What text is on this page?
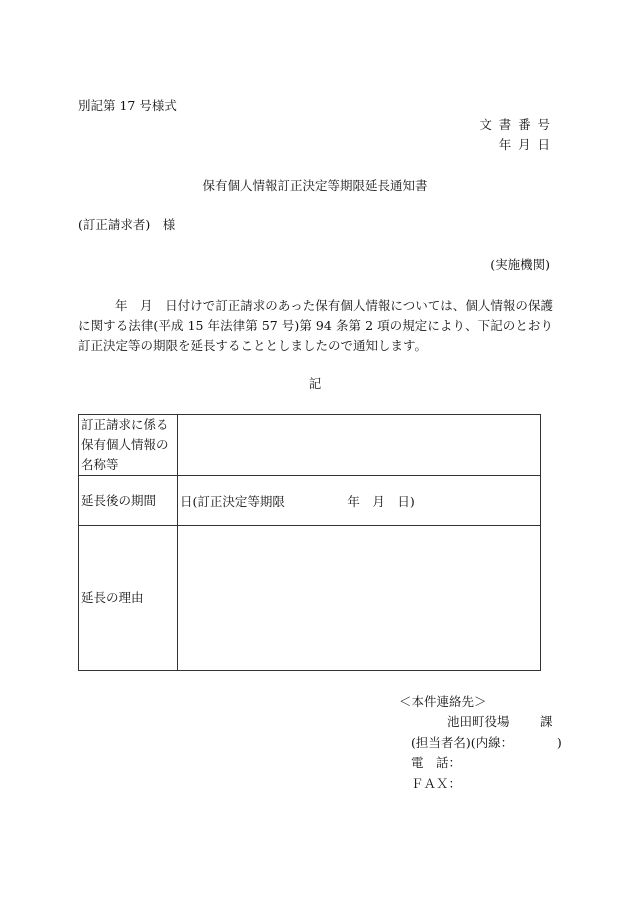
別記第 17 号様式
文書番号
年月日
保有個人情報訂正決定等期限延長通知書
(訂正請求者)　様
(実施機関)
年　月　日付けで訂正請求のあった保有個人情報については、個人情報の保護に関する法律(平成 15 年法律第 57 号)第 94 条第 2 項の規定により、下記のとおり訂正決定等の期限を延長することとしましたので通知します。
記
訂正請求に係る保有個人情報の名称等	
延長後の期間	日(訂正決定等期限　　　　　年　月　日)
延長の理由	
＜本件連絡先＞
池田町役場 課
(担当者名)(内線：　　　　)
電　話：
ＦＡＸ：
